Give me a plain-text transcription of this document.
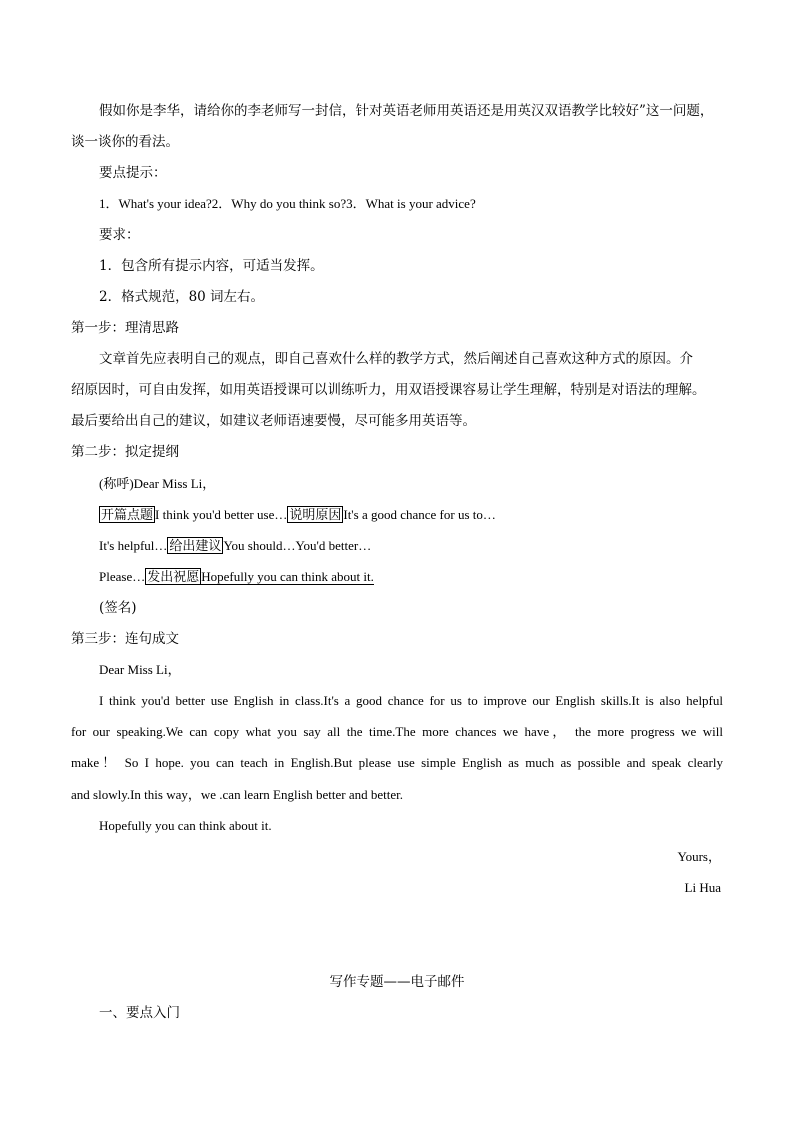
假如你是李华，请给你的李老师写一封信，针对英语老师用英语还是用英汉双语教学比较好”这一问题，
谈一谈你的看法。
要点提示：
1．What's your idea?2．Why do you think so?3．What is your advice?
要求：
1．包含所有提示内容，可适当发挥。
2．格式规范，80 词左右。
第一步：理清思路
文章首先应表明自己的观点，即自己喜欢什么样的教学方式，然后阐述自己喜欢这种方式的原因。介
绍原因时，可自由发挥，如用英语授课可以训练听力，用双语授课容易让学生理解，特别是对语法的理解。
最后要给出自己的建议，如建议老师语速要慢，尽可能多用英语等。
第二步：拟定提纲
(称呼)Dear Miss Li，
开篇点题 I think you'd better use… 说明原因 It's a good chance for us to…
It's helpful… 给出建议 You should…You'd better…
Please… 发出祝愿 Hopefully you can think about it.
(签名)
第三步：连句成文
Dear Miss Li，
I think you'd better use English in class.It's a good chance for us to improve our English skills.It is also helpful
for our speaking.We can copy what you say all the time.The more chances we have， the more progress we will
make！ So I hope. you can teach in English.But please use simple English as much as possible and speak clearly
and slowly.In this way，we .can learn English better and better.
Hopefully you can think about it.
Yours，
Li Hua
写作专题——电子邮件
一、要点入门
